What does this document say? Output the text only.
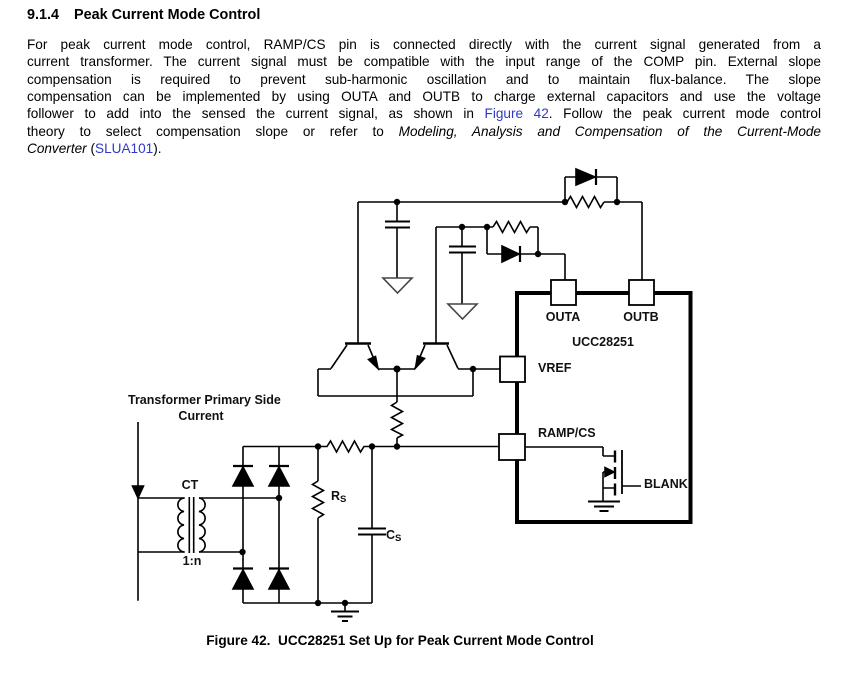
9.1.4 Peak Current Mode Control
For peak current mode control, RAMP/CS pin is connected directly with the current signal generated from a
current transformer. The current signal must be compatible with the input range of the COMP pin. External slope
compensation is required to prevent sub-harmonic oscillation and to maintain flux-balance. The slope
compensation can be implemented by using OUTA and OUTB to charge external capacitors and use the voltage
follower to add into the sensed the current signal, as shown in Figure 42. Follow the peak current mode control
theory to select compensation slope or refer to Modeling, Analysis and Compensation of the Current-Mode
Converter (SLUA101).
Transformer Primary Side
Current
CT
1:n
$R_S$
$C_S$
OUTA	OUTB
UCC28251
VREF
RAMP/CS
BLANK
Figure 42.  UCC28251 Set Up for Peak Current Mode Control
